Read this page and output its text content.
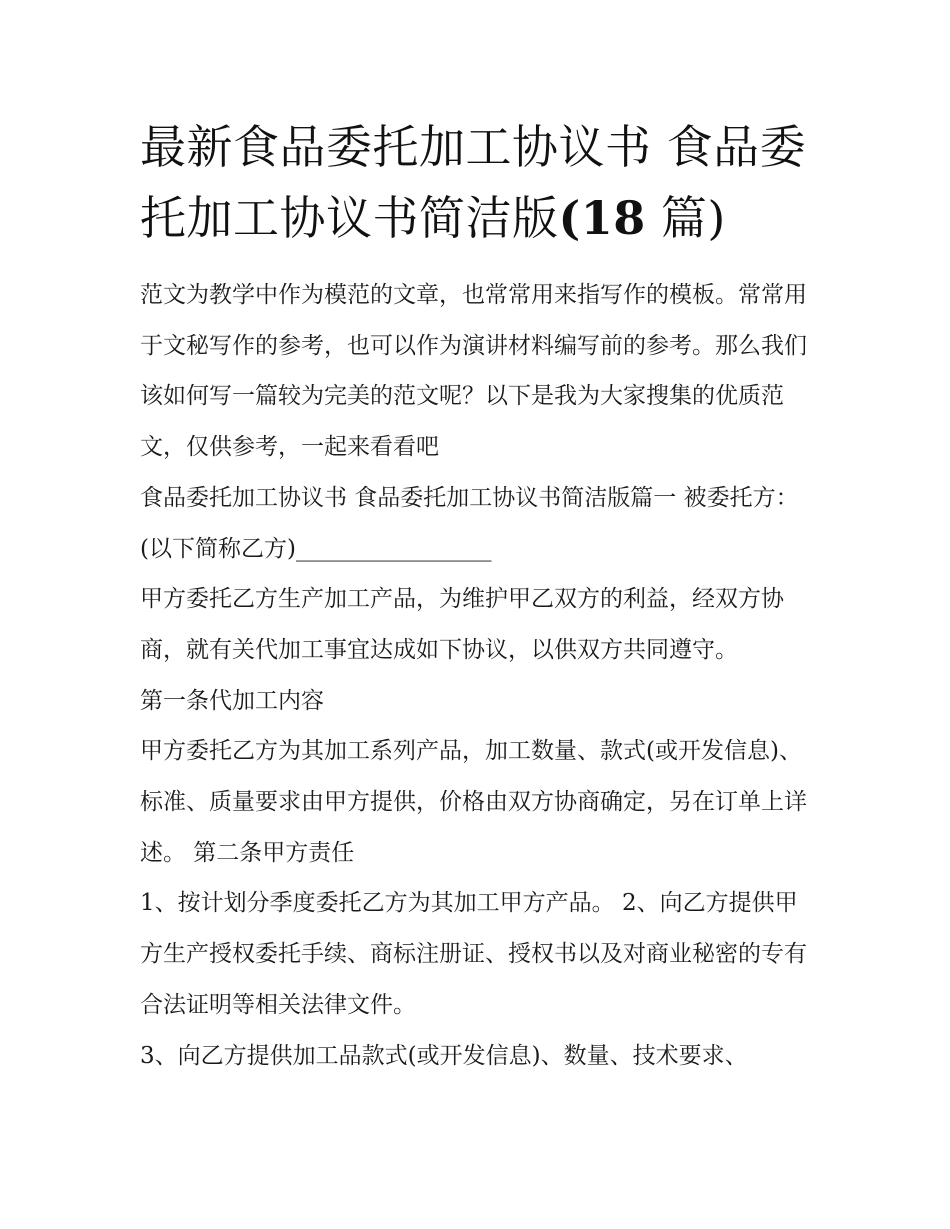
最新食品委托加工协议书 食品委托加工协议书简洁版(18 篇)

范文为教学中作为模范的文章，也常常用来指写作的模板。常常用于文秘写作的参考，也可以作为演讲材料编写前的参考。那么我们该如何写一篇较为完美的范文呢？以下是我为大家搜集的优质范文，仅供参考，一起来看看吧

食品委托加工协议书 食品委托加工协议书简洁版篇一 被委托方：(以下简称乙方)_________________

甲方委托乙方生产加工产品，为维护甲乙双方的利益，经双方协商，就有关代加工事宜达成如下协议，以供双方共同遵守。

第一条代加工内容

甲方委托乙方为其加工系列产品，加工数量、款式(或开发信息)、标准、质量要求由甲方提供，价格由双方协商确定，另在订单上详述。 第二条甲方责任

1、按计划分季度委托乙方为其加工甲方产品。 2、向乙方提供甲方生产授权委托手续、商标注册证、授权书以及对商业秘密的专有合法证明等相关法律文件。

3、向乙方提供加工品款式(或开发信息)、数量、技术要求、
